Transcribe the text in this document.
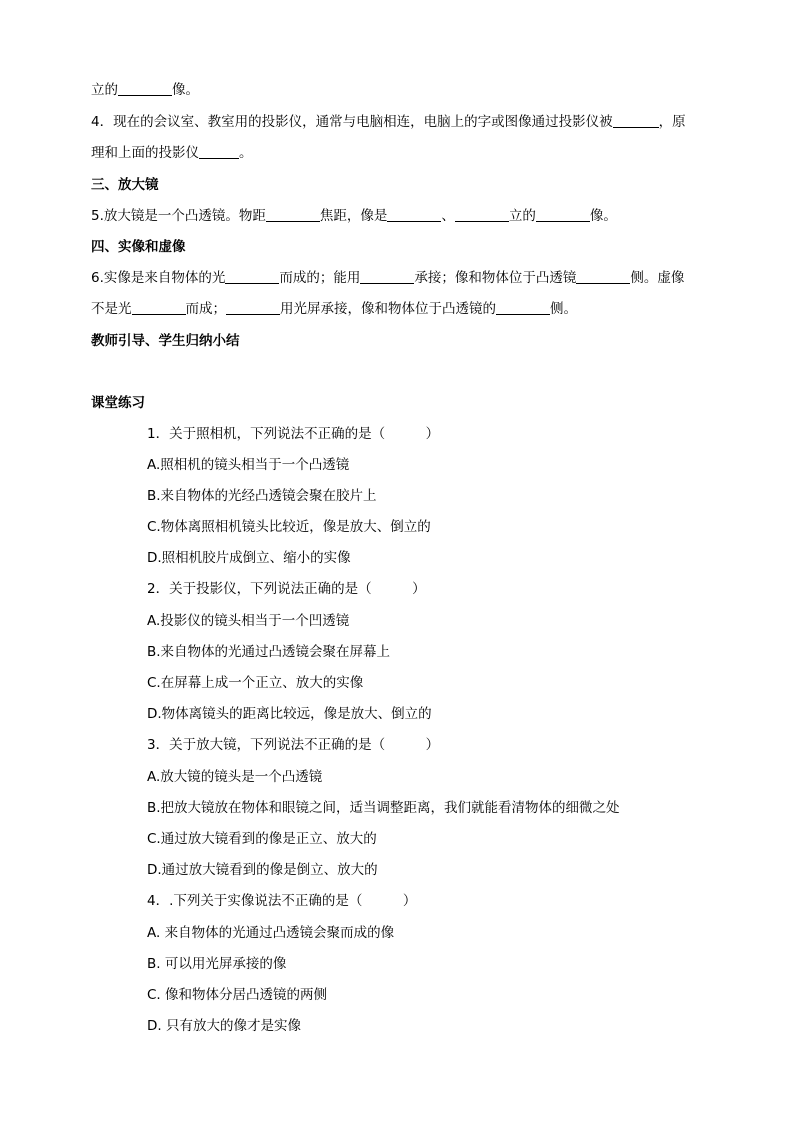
立的	像。
4．现在的会议室、教室用的投影仪，通常与电脑相连，电脑上的字或图像通过投影仪被	，原
理和上面的投影仪	。
三、放大镜
5.放大镜是一个凸透镜。物距	焦距，像是	、	立的	像。
四、实像和虚像
6.实像是来自物体的光	而成的；能用	承接；像和物体位于凸透镜	侧。虚像
不是光	而成；	用光屏承接，像和物体位于凸透镜的	侧。
教师引导、学生归纳小结
课堂练习
1．关于照相机，下列说法不正确的是（　　　）
A.照相机的镜头相当于一个凸透镜
B.来自物体的光经凸透镜会聚在胶片上
C.物体离照相机镜头比较近，像是放大、倒立的
D.照相机胶片成倒立、缩小的实像
2．关于投影仪，下列说法正确的是（　　　）
A.投影仪的镜头相当于一个凹透镜
B.来自物体的光通过凸透镜会聚在屏幕上
C.在屏幕上成一个正立、放大的实像
D.物体离镜头的距离比较远，像是放大、倒立的
3．关于放大镜，下列说法不正确的是（　　　）
A.放大镜的镜头是一个凸透镜
B.把放大镜放在物体和眼镜之间，适当调整距离，我们就能看清物体的细微之处
C.通过放大镜看到的像是正立、放大的
D.通过放大镜看到的像是倒立、放大的
4．.下列关于实像说法不正确的是（　　　）
A. 来自物体的光通过凸透镜会聚而成的像
B. 可以用光屏承接的像
C. 像和物体分居凸透镜的两侧
D. 只有放大的像才是实像
